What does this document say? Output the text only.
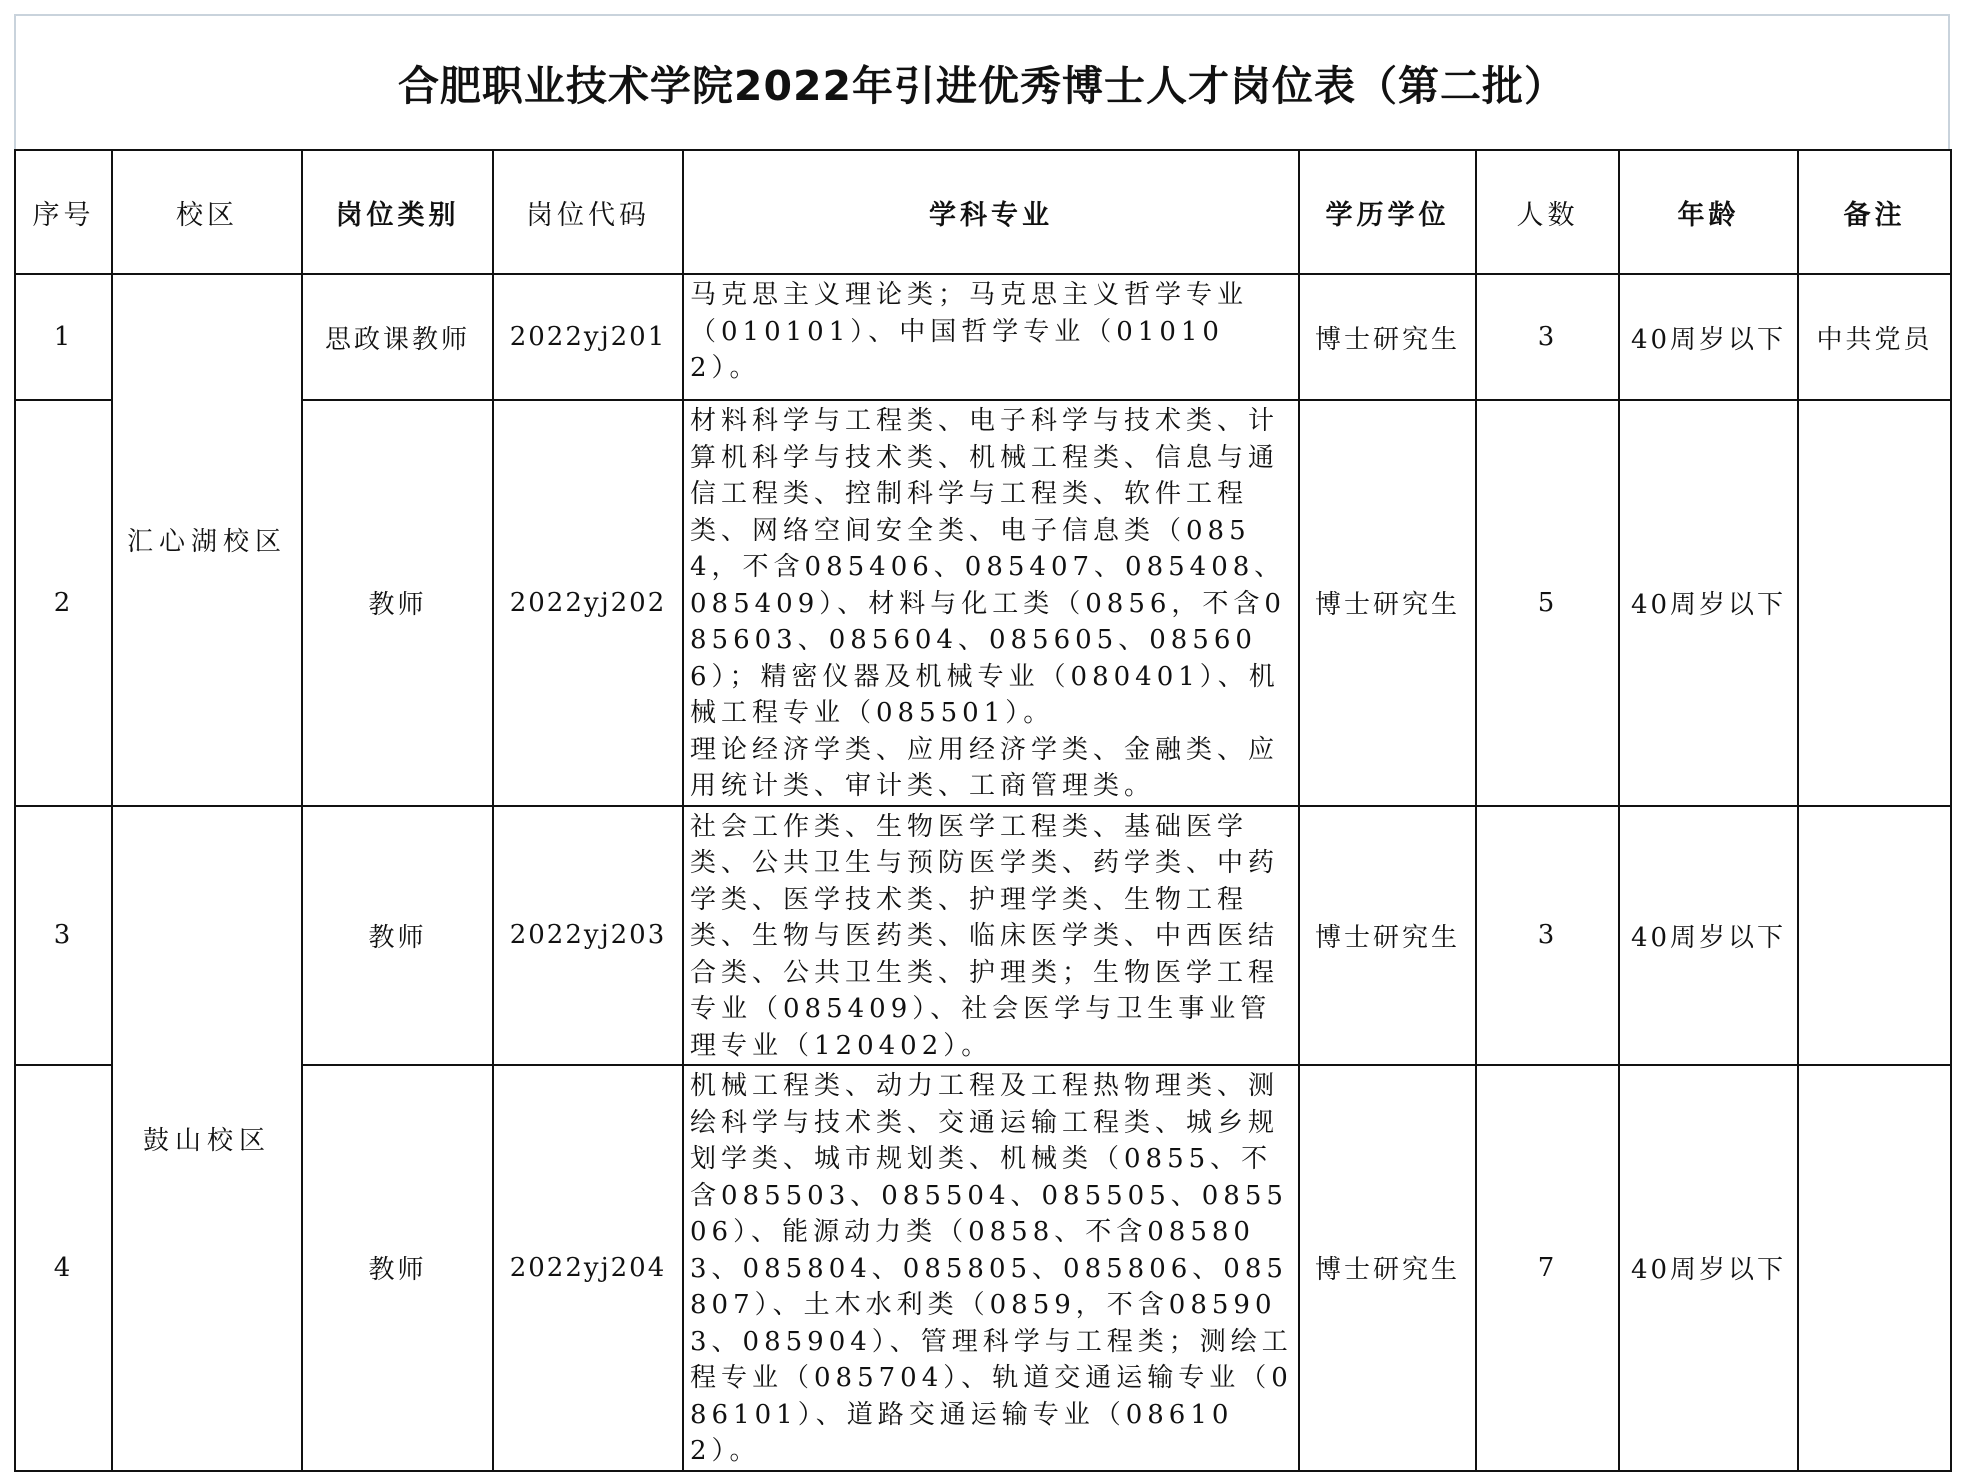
合肥职业技术学院2022年引进优秀博士人才岗位表（第二批）
序号	校区	岗位类别	岗位代码	学科专业	学历学位	人数	年龄	备注
1	汇心湖校区	思政课教师	2022yj201	马克思主义理论类；马克思主义哲学专业（010101）、中国哲学专业（010102）。	博士研究生	3	40周岁以下	中共党员
2		教师	2022yj202	材料科学与工程类、电子科学与技术类、计算机科学与技术类、机械工程类、信息与通信工程类、控制科学与工程类、软件工程类、网络空间安全类、电子信息类（0854，不含085406、085407、085408、085409）、材料与化工类（0856，不含085603、085604、085605、085606）；精密仪器及机械专业（080401）、机械工程专业（085501）。
理论经济学类、应用经济学类、金融类、应用统计类、审计类、工商管理类。	博士研究生	5	40周岁以下	
3	鼓山校区	教师	2022yj203	社会工作类、生物医学工程类、基础医学类、公共卫生与预防医学类、药学类、中药学类、医学技术类、护理学类、生物工程类、生物与医药类、临床医学类、中西医结合类、公共卫生类、护理类；生物医学工程专业（085409）、社会医学与卫生事业管理专业（120402）。	博士研究生	3	40周岁以下	
4		教师	2022yj204	机械工程类、动力工程及工程热物理类、测绘科学与技术类、交通运输工程类、城乡规划学类、城市规划类、机械类（0855、不含085503、085504、085505、085506）、能源动力类（0858、不含085803、085804、085805、085806、085807）、土木水利类（0859，不含085903、085904）、管理科学与工程类；测绘工程专业（085704）、轨道交通运输专业（086101）、道路交通运输专业（086102）。	博士研究生	7	40周岁以下	
